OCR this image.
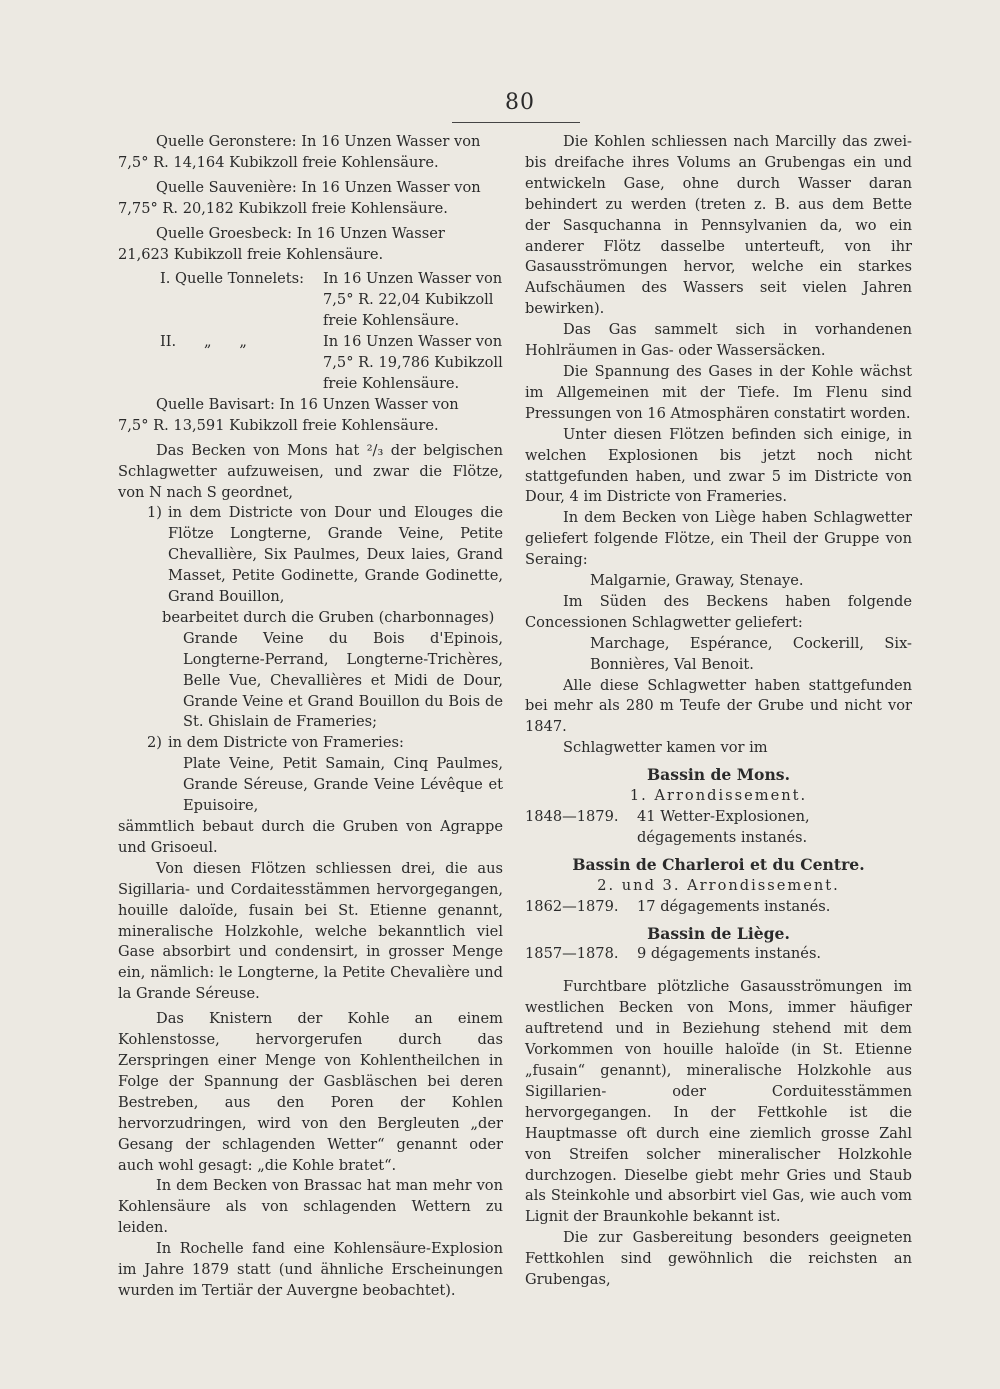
80

Quelle Geronstere: In 16 Unzen Wasser von
7,5° R. 14,164 Kubikzoll freie Kohlensäure.

Quelle Sauvenière: In 16 Unzen Wasser von
7,75° R. 20,182 Kubikzoll freie Kohlensäure.

Quelle Groesbeck: In 16 Unzen Wasser
21,623 Kubikzoll freie Kohlensäure.

I. Quelle Tonnelets:	In 16 Unzen Wasser von
7,5° R. 22,04 Kubikzoll
freie Kohlensäure.
II.      „      „	In 16 Unzen Wasser von
7,5° R. 19,786 Kubikzoll
freie Kohlensäure.

Quelle Bavisart: In 16 Unzen Wasser von
7,5° R. 13,591 Kubikzoll freie Kohlensäure.

Das Becken von Mons hat ²/₃ der belgischen Schlagwetter aufzuweisen, und zwar die Flötze, von N nach S geordnet,

1) in dem Districte von Dour und Elouges die Flötze Longterne, Grande Veine, Petite Chevallière, Six Paulmes, Deux laies, Grand Masset, Petite Godinette, Grande Godinette, Grand Bouillon,

bearbeitet durch die Gruben (charbonnages)

Grande Veine du Bois d'Epinois, Longterne-Perrand, Longterne-Trichères, Belle Vue, Chevallières et Midi de Dour, Grande Veine et Grand Bouillon du Bois de St. Ghislain de Frameries;

2) in dem Districte von Frameries:

Plate Veine, Petit Samain, Cinq Paulmes, Grande Séreuse, Grande Veine Lévêque et Epuisoire,

sämmtlich bebaut durch die Gruben von Agrappe und Grisoeul.

Von diesen Flötzen schliessen drei, die aus Sigillaria- und Cordaitesstämmen hervorgegangen, houille daloïde, fusain bei St. Etienne genannt, mineralische Holzkohle, welche bekanntlich viel Gase absorbirt und condensirt, in grosser Menge ein, nämlich: le Longterne, la Petite Chevalière und la Grande Séreuse.

Das Knistern der Kohle an einem Kohlenstosse, hervorgerufen durch das Zerspringen einer Menge von Kohlentheilchen in Folge der Spannung der Gasbläschen bei deren Bestreben, aus den Poren der Kohlen hervorzudringen, wird von den Bergleuten „der Gesang der schlagenden Wetter“ genannt oder auch wohl gesagt: „die Kohle bratet“.

In dem Becken von Brassac hat man mehr von Kohlensäure als von schlagenden Wettern zu leiden.

In Rochelle fand eine Kohlensäure-Explosion im Jahre 1879 statt (und ähnliche Erscheinungen wurden im Tertiär der Auvergne beobachtet).

Die Kohlen schliessen nach Marcilly das zwei- bis dreifache ihres Volums an Grubengas ein und entwickeln Gase, ohne durch Wasser daran behindert zu werden (treten z. B. aus dem Bette der Sasquchanna in Pennsylvanien da, wo ein anderer Flötz dasselbe unterteuft, von ihr Gasausströmungen hervor, welche ein starkes Aufschäumen des Wassers seit vielen Jahren bewirken).

Das Gas sammelt sich in vorhandenen Hohlräumen in Gas- oder Wassersäcken.

Die Spannung des Gases in der Kohle wächst im Allgemeinen mit der Tiefe. Im Flenu sind Pressungen von 16 Atmosphären constatirt worden.

Unter diesen Flötzen befinden sich einige, in welchen Explosionen bis jetzt noch nicht stattgefunden haben, und zwar 5 im Districte von Dour, 4 im Districte von Frameries.

In dem Becken von Liège haben Schlagwetter geliefert folgende Flötze, ein Theil der Gruppe von Seraing:

Malgarnie, Graway, Stenaye.

Im Süden des Beckens haben folgende Concessionen Schlagwetter geliefert:

Marchage, Espérance, Cockerill, Six-Bonnières, Val Benoit.

Alle diese Schlagwetter haben stattgefunden bei mehr als 280 m Teufe der Grube und nicht vor 1847.

Schlagwetter kamen vor im

Bassin de Mons.

1. Arrondissement.

1848—1879.	41 Wetter-Explosionen, dégagements instanés.

Bassin de Charleroi et du Centre.

2. und 3. Arrondissement.

1862—1879.	17 dégagements instanés.

Bassin de Liège.

1857—1878.	9 dégagements instanés.

Furchtbare plötzliche Gasausströmungen im westlichen Becken von Mons, immer häufiger auftretend und in Beziehung stehend mit dem Vorkommen von houille haloïde (in St. Etienne „fusain“ genannt), mineralische Holzkohle aus Sigillarien- oder Corduitesstämmen hervorgegangen. In der Fettkohle ist die Hauptmasse oft durch eine ziemlich grosse Zahl von Streifen solcher mineralischer Holzkohle durchzogen. Dieselbe giebt mehr Gries und Staub als Steinkohle und absorbirt viel Gas, wie auch vom Lignit der Braunkohle bekannt ist.

Die zur Gasbereitung besonders geeigneten Fettkohlen sind gewöhnlich die reichsten an Grubengas,
